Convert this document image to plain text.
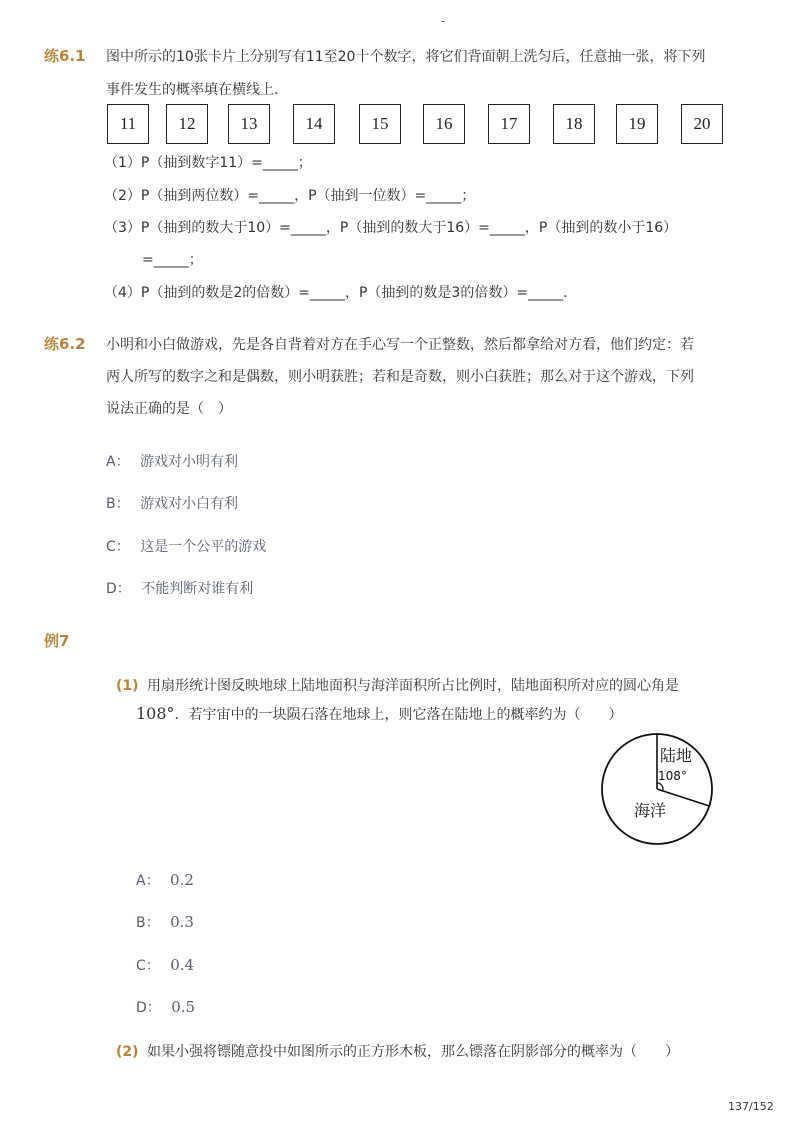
-
练6.1 图中所示的10张卡片上分别写有11至20十个数字，将它们背面朝上洗匀后，任意抽一张，将下列
事件发生的概率填在横线上．
11	12	13	14	15	16	17	18	19	20
（1）P（抽到数字11）=_____；
（2）P（抽到两位数）=_____，P（抽到一位数）=_____；
（3）P（抽到的数大于10）=_____，P（抽到的数大于16）=_____，P（抽到的数小于16）
=_____；
（4）P（抽到的数是2的倍数）=_____，P（抽到的数是3的倍数）=_____．
练6.2 小明和小白做游戏，先是各自背着对方在手心写一个正整数，然后都拿给对方看，他们约定：若
两人所写的数字之和是偶数，则小明获胜；若和是奇数，则小白获胜；那么对于这个游戏，下列
说法正确的是（　）
A： 游戏对小明有利
B： 游戏对小白有利
C： 这是一个公平的游戏
D： 不能判断对谁有利
例7
(1) 用扇形统计图反映地球上陆地面积与海洋面积所占比例时，陆地面积所对应的圆心角是
108°．若宇宙中的一块陨石落在地球上，则它落在陆地上的概率约为（　　）
陆地
108°
海洋
A： 0.2
B： 0.3
C： 0.4
D： 0.5
(2) 如果小强将镖随意投中如图所示的正方形木板，那么镖落在阴影部分的概率为（　　）
137/152
